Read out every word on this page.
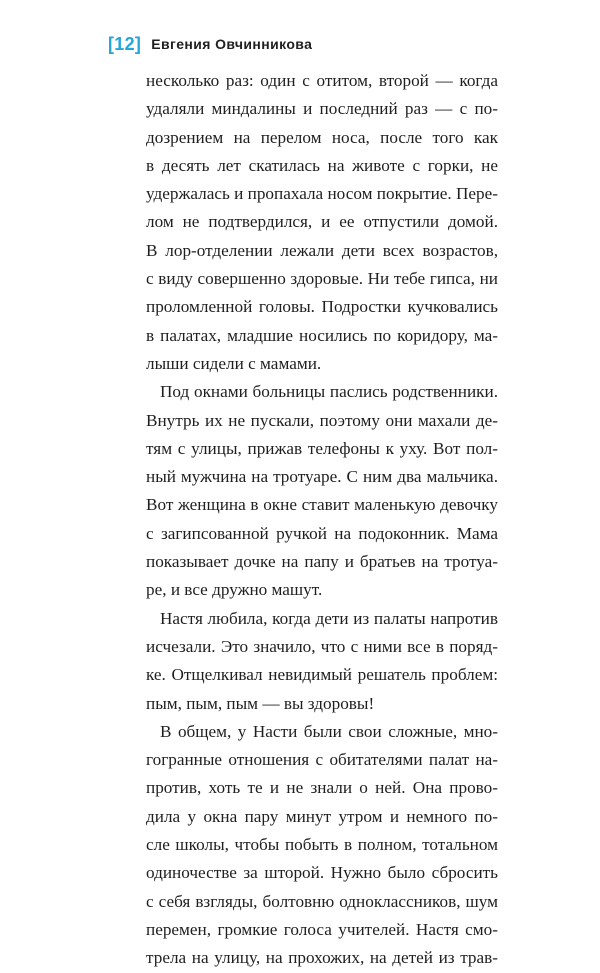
[12] Евгения Овчинникова
несколько раз: один с отитом, второй — когда
удаляли миндалины и последний раз — с по-
дозрением на перелом носа, после того как
в десять лет скатилась на животе с горки, не
удержалась и пропахала носом покрытие. Пере-
лом не подтвердился, и ее отпустили домой.
В лор-отделении лежали дети всех возрастов,
с виду совершенно здоровые. Ни тебе гипса, ни
проломленной головы. Подростки кучковались
в палатах, младшие носились по коридору, ма-
лыши сидели с мамами.
Под окнами больницы паслись родственники.
Внутрь их не пускали, поэтому они махали де-
тям с улицы, прижав телефоны к уху. Вот пол-
ный мужчина на тротуаре. С ним два мальчика.
Вот женщина в окне ставит маленькую девочку
с загипсованной ручкой на подоконник. Мама
показывает дочке на папу и братьев на тротуа-
ре, и все дружно машут.
Настя любила, когда дети из палаты напротив
исчезали. Это значило, что с ними все в поряд-
ке. Отщелкивал невидимый решатель проблем:
пым, пым, пым — вы здоровы!
В общем, у Насти были свои сложные, мно-
гогранные отношения с обитателями палат на-
против, хоть те и не знали о ней. Она прово-
дила у окна пару минут утром и немного по-
сле школы, чтобы побыть в полном, тотальном
одиночестве за шторой. Нужно было сбросить
с себя взгляды, болтовню одноклассников, шум
перемен, громкие голоса учителей. Настя смо-
трела на улицу, на прохожих, на детей из трав-
